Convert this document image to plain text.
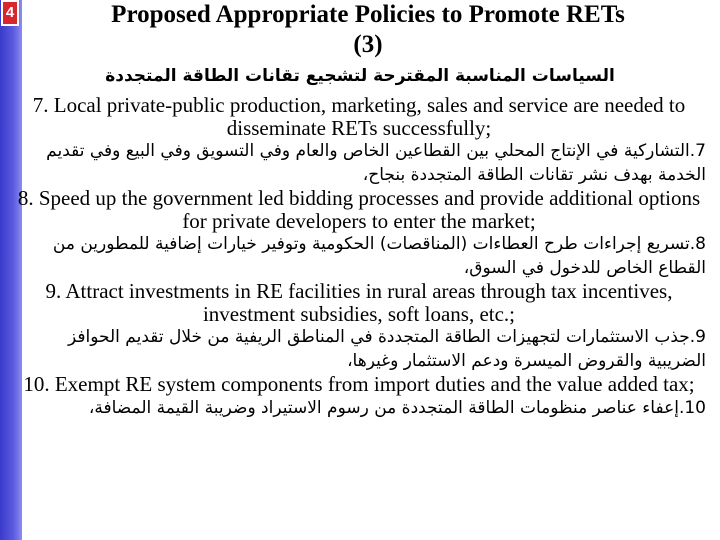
4	Proposed Appropriate Policies to Promote RETs
(3)
السياسات المناسبة المقترحة لتشجيع تقانات الطاقة المتجددة
7. Local private-public production, marketing, sales and service are needed to disseminate RETs successfully;
7.التشاركية في الإنتاج المحلي بين القطاعين الخاص والعام وفي التسويق وفي البيع وفي تقديم الخدمة بهدف نشر تقانات الطاقة المتجددة بنجاح،
8. Speed up the government led bidding processes and provide additional options for private developers to enter the market;
8.تسريع إجراءات طرح العطاءات (المناقصات) الحكومية وتوفير خيارات إضافية للمطورين من القطاع الخاص للدخول في السوق،
9. Attract investments in RE facilities in rural areas through tax incentives, investment subsidies, soft loans, etc.;
9.جذب الاستثمارات لتجهيزات الطاقة المتجددة في المناطق الريفية من خلال تقديم الحوافز الضريبية والقروض الميسرة ودعم الاستثمار وغيرها،
10. Exempt RE system components from import duties and the value added tax;
10.إعفاء عناصر منظومات الطاقة المتجددة من رسوم الاستيراد وضريبة القيمة المضافة،
